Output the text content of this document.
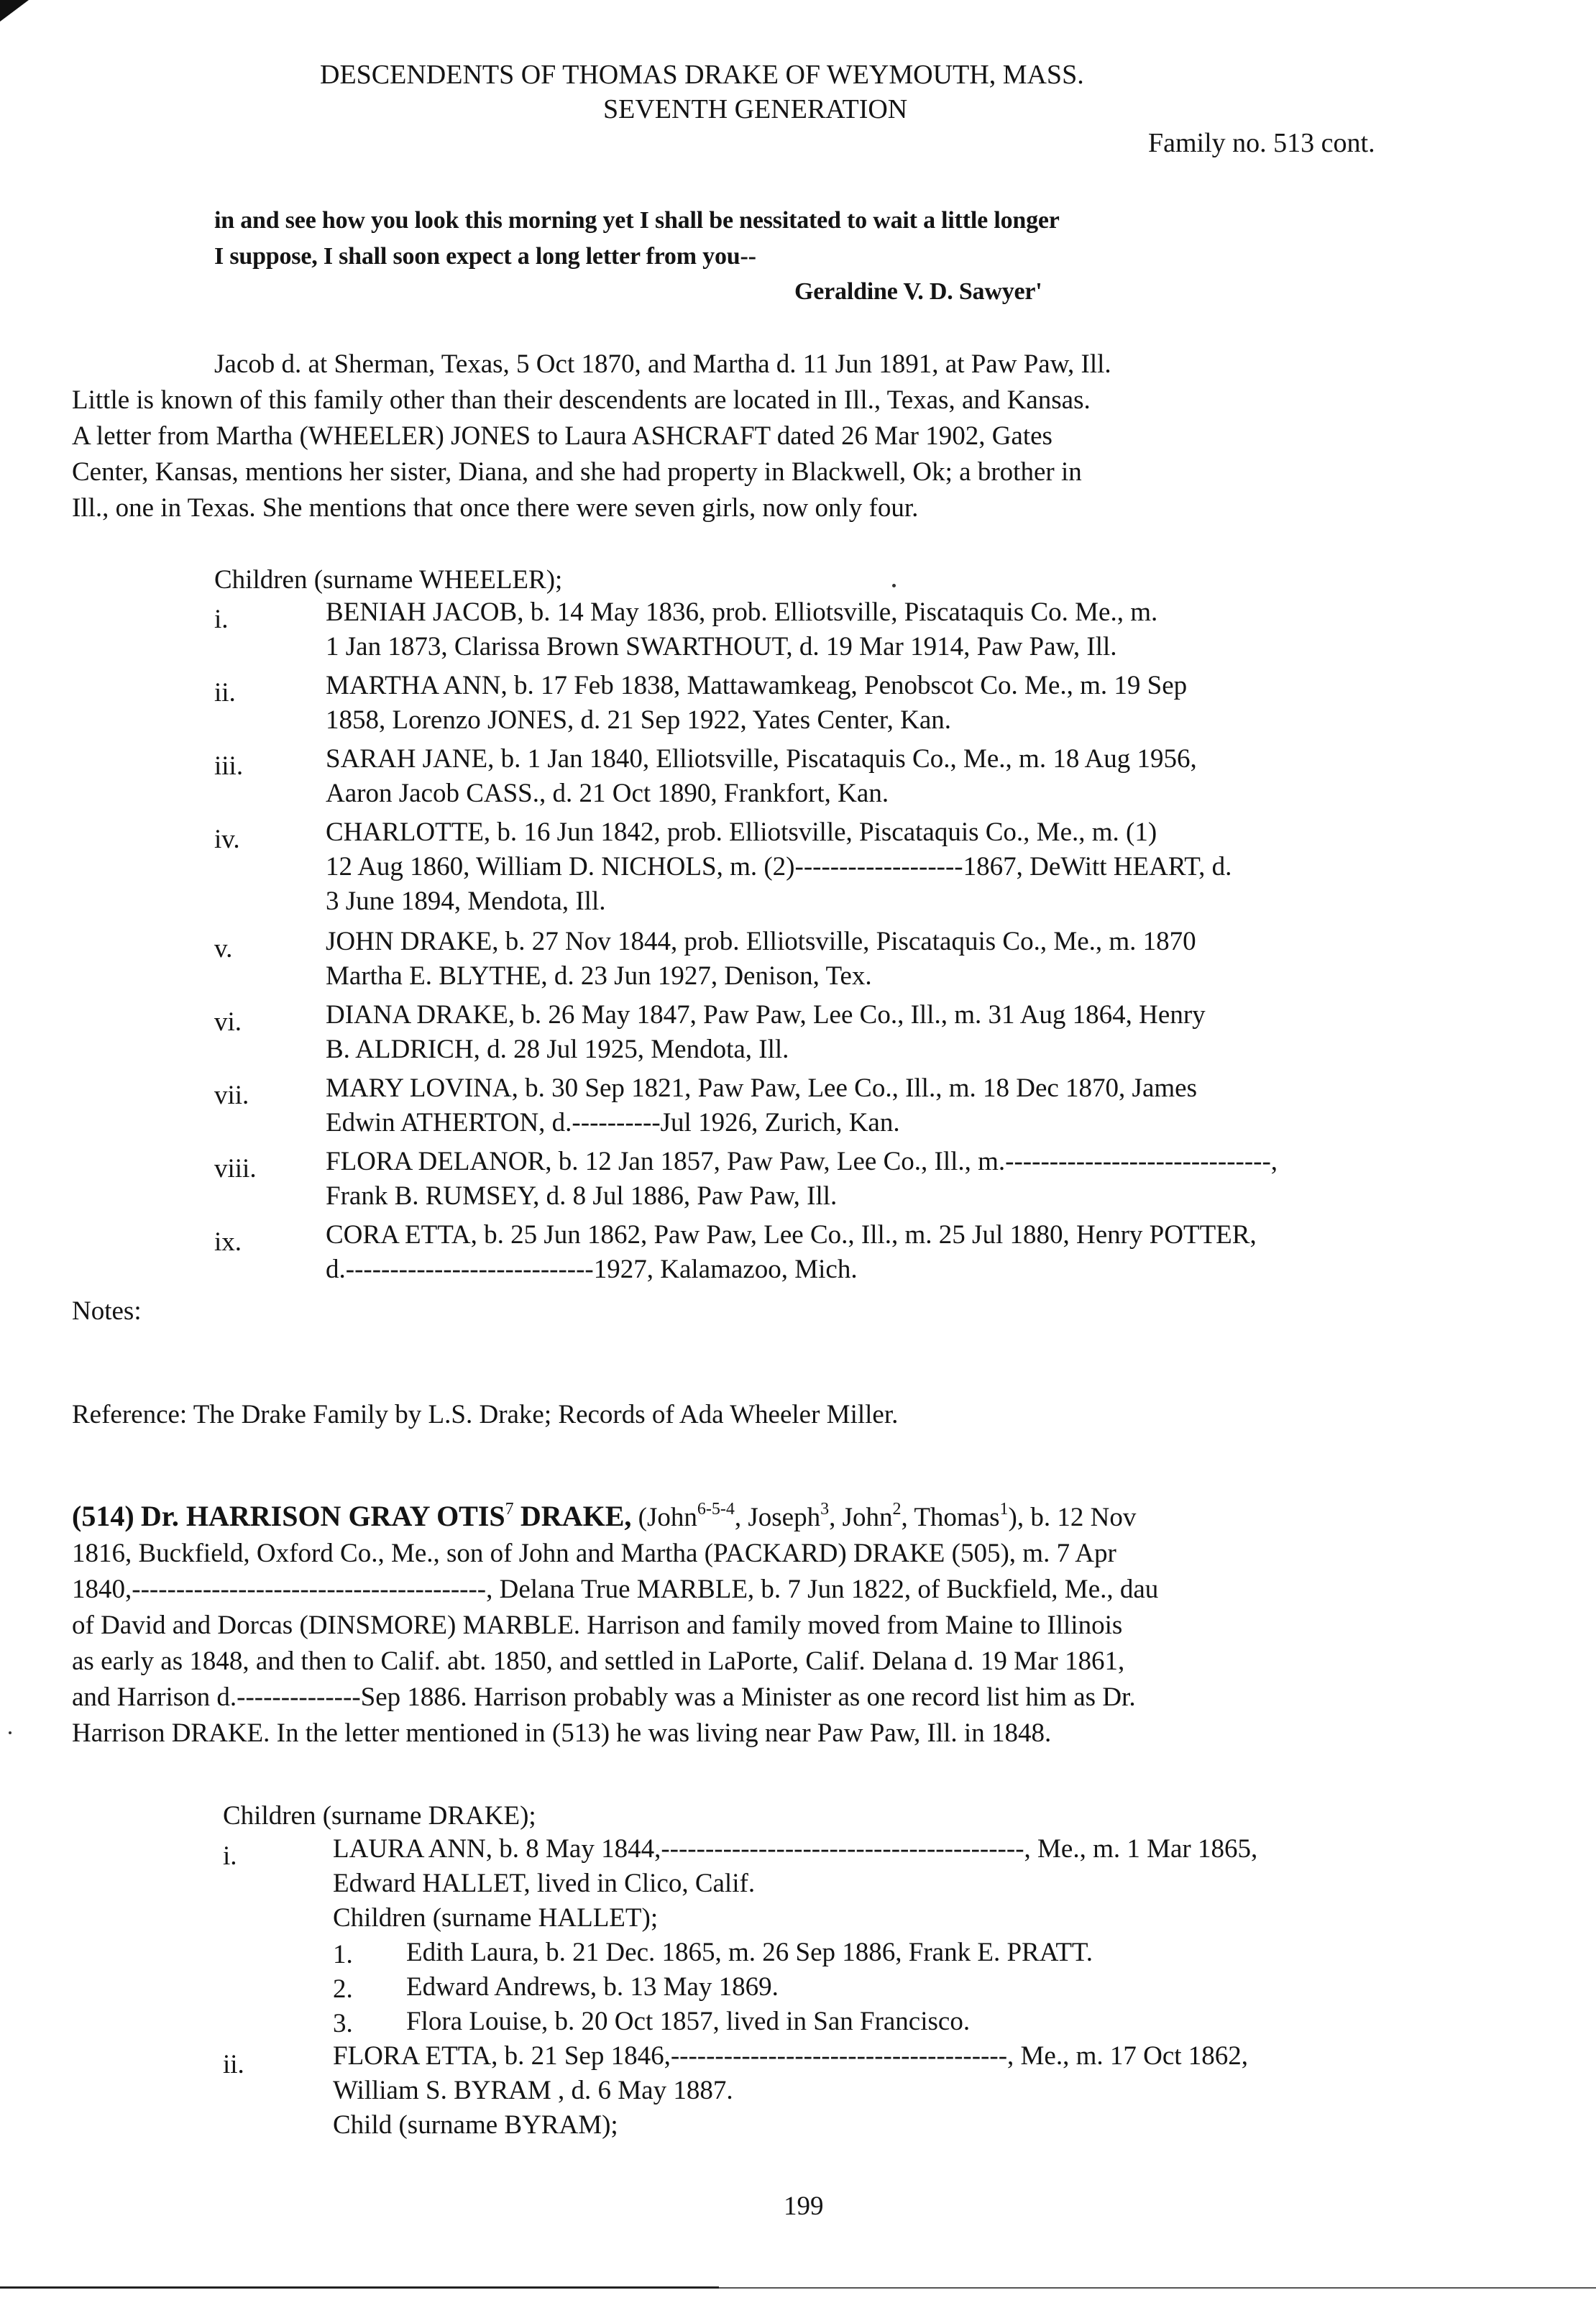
DESCENDENTS OF THOMAS DRAKE OF WEYMOUTH, MASS.
SEVENTH GENERATION
Family no. 513 cont.
in and see how you look this morning yet I shall be nessitated to wait a little longer
I suppose, I shall soon expect a long letter from you--
Geraldine V. D. Sawyer'
Jacob d. at Sherman, Texas, 5 Oct 1870, and Martha d. 11 Jun 1891, at Paw Paw, Ill.
Little is known of this family other than their descendents are located in Ill., Texas, and Kansas.
A letter from Martha (WHEELER) JONES to Laura ASHCRAFT dated 26 Mar 1902, Gates
Center, Kansas, mentions her sister, Diana, and she had property in Blackwell, Ok; a brother in
Ill., one in Texas. She mentions that once there were seven girls, now only four.
Children (surname WHEELER);
i.	BENIAH JACOB, b. 14 May 1836, prob. Elliotsville, Piscataquis Co. Me., m.
1 Jan 1873, Clarissa Brown SWARTHOUT, d. 19 Mar 1914, Paw Paw, Ill.
ii.	MARTHA ANN, b. 17 Feb 1838, Mattawamkeag, Penobscot Co. Me., m. 19 Sep
1858, Lorenzo JONES, d. 21 Sep 1922, Yates Center, Kan.
iii.	SARAH JANE, b. 1 Jan 1840, Elliotsville, Piscataquis Co., Me., m. 18 Aug 1956,
Aaron Jacob CASS., d. 21 Oct 1890, Frankfort, Kan.
iv.	CHARLOTTE, b. 16 Jun 1842, prob. Elliotsville, Piscataquis Co., Me., m. (1)
12 Aug 1860, William D. NICHOLS, m. (2)-------------------1867, DeWitt HEART, d.
3 June 1894, Mendota, Ill.
v.	JOHN DRAKE, b. 27 Nov 1844, prob. Elliotsville, Piscataquis Co., Me., m. 1870
Martha E. BLYTHE, d. 23 Jun 1927, Denison, Tex.
vi.	DIANA DRAKE, b. 26 May 1847, Paw Paw, Lee Co., Ill., m. 31 Aug 1864, Henry
B. ALDRICH, d. 28 Jul 1925, Mendota, Ill.
vii.	MARY LOVINA, b. 30 Sep 1821, Paw Paw, Lee Co., Ill., m. 18 Dec 1870, James
Edwin ATHERTON, d.----------Jul 1926, Zurich, Kan.
viii.	FLORA DELANOR, b. 12 Jan 1857, Paw Paw, Lee Co., Ill., m.------------------------------,
Frank B. RUMSEY, d. 8 Jul 1886, Paw Paw, Ill.
ix.	CORA ETTA, b. 25 Jun 1862, Paw Paw, Lee Co., Ill., m. 25 Jul 1880, Henry POTTER,
d.----------------------------1927, Kalamazoo, Mich.
Notes:
Reference: The Drake Family by L.S. Drake; Records of Ada Wheeler Miller.
(514) Dr. HARRISON GRAY OTIS$^7$ DRAKE, (John$^{6-5-4}$, Joseph$^3$, John$^2$, Thomas$^1$), b. 12 Nov
1816, Buckfield, Oxford Co., Me., son of John and Martha (PACKARD) DRAKE (505), m. 7 Apr
1840,----------------------------------------, Delana True MARBLE, b. 7 Jun 1822, of Buckfield, Me., dau
of David and Dorcas (DINSMORE) MARBLE. Harrison and family moved from Maine to Illinois
as early as 1848, and then to Calif. abt. 1850, and settled in LaPorte, Calif. Delana d. 19 Mar 1861,
and Harrison d.--------------Sep 1886. Harrison probably was a Minister as one record list him as Dr.
Harrison DRAKE. In the letter mentioned in (513) he was living near Paw Paw, Ill. in 1848.
Children (surname DRAKE);
i.	LAURA ANN, b. 8 May 1844,-----------------------------------------, Me., m. 1 Mar 1865,
Edward HALLET, lived in Clico, Calif.
Children (surname HALLET);
1. Edith Laura, b. 21 Dec. 1865, m. 26 Sep 1886, Frank E. PRATT.
2. Edward Andrews, b. 13 May 1869.
3. Flora Louise, b. 20 Oct 1857, lived in San Francisco.
ii.	FLORA ETTA, b. 21 Sep 1846,--------------------------------------, Me., m. 17 Oct 1862,
William S. BYRAM , d. 6 May 1887.
Child (surname BYRAM);
199
